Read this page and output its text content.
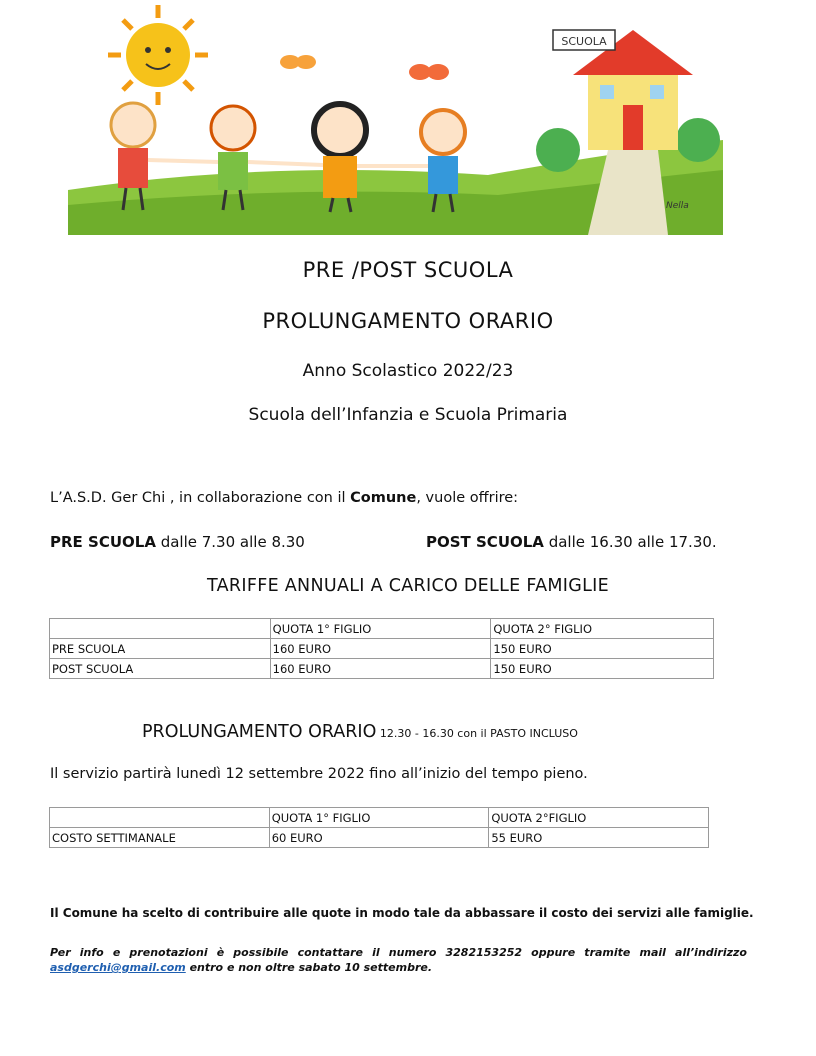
SCUOLA
Nella
PRE /POST SCUOLA
PROLUNGAMENTO ORARIO
Anno Scolastico 2022/23
Scuola dell’Infanzia e Scuola Primaria
L’A.S.D. Ger Chi , in collaborazione con il Comune, vuole offrire:
PRE SCUOLA dalle 7.30 alle 8.30	POST SCUOLA dalle 16.30 alle 17.30.
TARIFFE ANNUALI A CARICO DELLE FAMIGLIE
	QUOTA 1° FIGLIO	QUOTA 2° FIGLIO
PRE SCUOLA	160 EURO	150 EURO
POST SCUOLA	160 EURO	150 EURO
PROLUNGAMENTO ORARIO 12.30 - 16.30 con il PASTO INCLUSO
Il servizio partirà lunedì 12 settembre 2022 fino all’inizio del tempo pieno.
	QUOTA 1° FIGLIO	QUOTA 2°FIGLIO
COSTO SETTIMANALE	60 EURO	55 EURO
Il Comune ha scelto di contribuire alle quote in modo tale da abbassare il costo dei servizi alle famiglie.
Per info e prenotazioni è possibile contattare il numero 3282153252 oppure tramite mail all’indirizzo asdgerchi@gmail.com entro e non oltre sabato 10 settembre.
